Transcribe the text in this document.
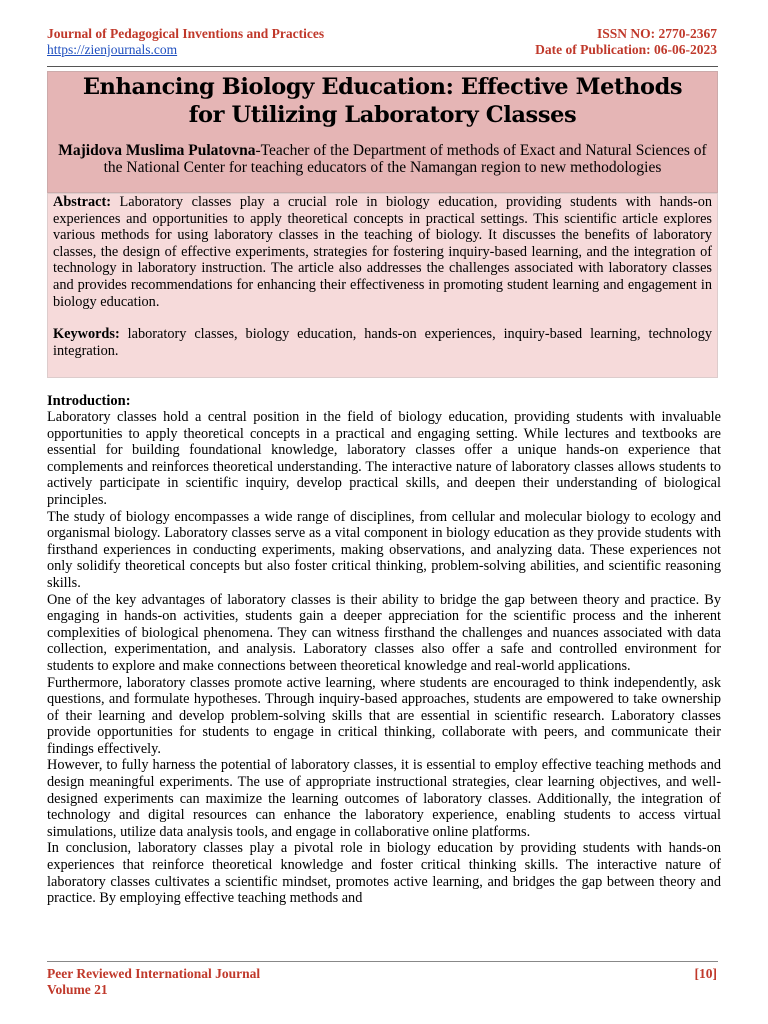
Journal of Pedagogical Inventions and Practices
https://zienjournals.com
ISSN NO: 2770-2367
Date of Publication: 06-06-2023
Enhancing Biology Education: Effective Methods
for Utilizing Laboratory Classes
Majidova Muslima Pulatovna-Teacher of the Department of methods of Exact and Natural Sciences of the National Center for teaching educators of the Namangan region to new methodologies

Abstract: Laboratory classes play a crucial role in biology education, providing students with hands-on experiences and opportunities to apply theoretical concepts in practical settings. This scientific article explores various methods for using laboratory classes in the teaching of biology. It discusses the benefits of laboratory classes, the design of effective experiments, strategies for fostering inquiry-based learning, and the integration of technology in laboratory instruction. The article also addresses the challenges associated with laboratory classes and provides recommendations for enhancing their effectiveness in promoting student learning and engagement in biology education.

Keywords: laboratory classes, biology education, hands-on experiences, inquiry-based learning, technology integration.

Introduction:

Laboratory classes hold a central position in the field of biology education, providing students with invaluable opportunities to apply theoretical concepts in a practical and engaging setting. While lectures and textbooks are essential for building foundational knowledge, laboratory classes offer a unique hands-on experience that complements and reinforces theoretical understanding. The interactive nature of laboratory classes allows students to actively participate in scientific inquiry, develop practical skills, and deepen their understanding of biological principles.

The study of biology encompasses a wide range of disciplines, from cellular and molecular biology to ecology and organismal biology. Laboratory classes serve as a vital component in biology education as they provide students with firsthand experiences in conducting experiments, making observations, and analyzing data. These experiences not only solidify theoretical concepts but also foster critical thinking, problem-solving abilities, and scientific reasoning skills.

One of the key advantages of laboratory classes is their ability to bridge the gap between theory and practice. By engaging in hands-on activities, students gain a deeper appreciation for the scientific process and the inherent complexities of biological phenomena. They can witness firsthand the challenges and nuances associated with data collection, experimentation, and analysis. Laboratory classes also offer a safe and controlled environment for students to explore and make connections between theoretical knowledge and real-world applications.

Furthermore, laboratory classes promote active learning, where students are encouraged to think independently, ask questions, and formulate hypotheses. Through inquiry-based approaches, students are empowered to take ownership of their learning and develop problem-solving skills that are essential in scientific research. Laboratory classes provide opportunities for students to engage in critical thinking, collaborate with peers, and communicate their findings effectively.

However, to fully harness the potential of laboratory classes, it is essential to employ effective teaching methods and design meaningful experiments. The use of appropriate instructional strategies, clear learning objectives, and well-designed experiments can maximize the learning outcomes of laboratory classes. Additionally, the integration of technology and digital resources can enhance the laboratory experience, enabling students to access virtual simulations, utilize data analysis tools, and engage in collaborative online platforms.

In conclusion, laboratory classes play a pivotal role in biology education by providing students with hands-on experiences that reinforce theoretical knowledge and foster critical thinking skills. The interactive nature of laboratory classes cultivates a scientific mindset, promotes active learning, and bridges the gap between theory and practice. By employing effective teaching methods and

Peer Reviewed International Journal
Volume 21
[10]
